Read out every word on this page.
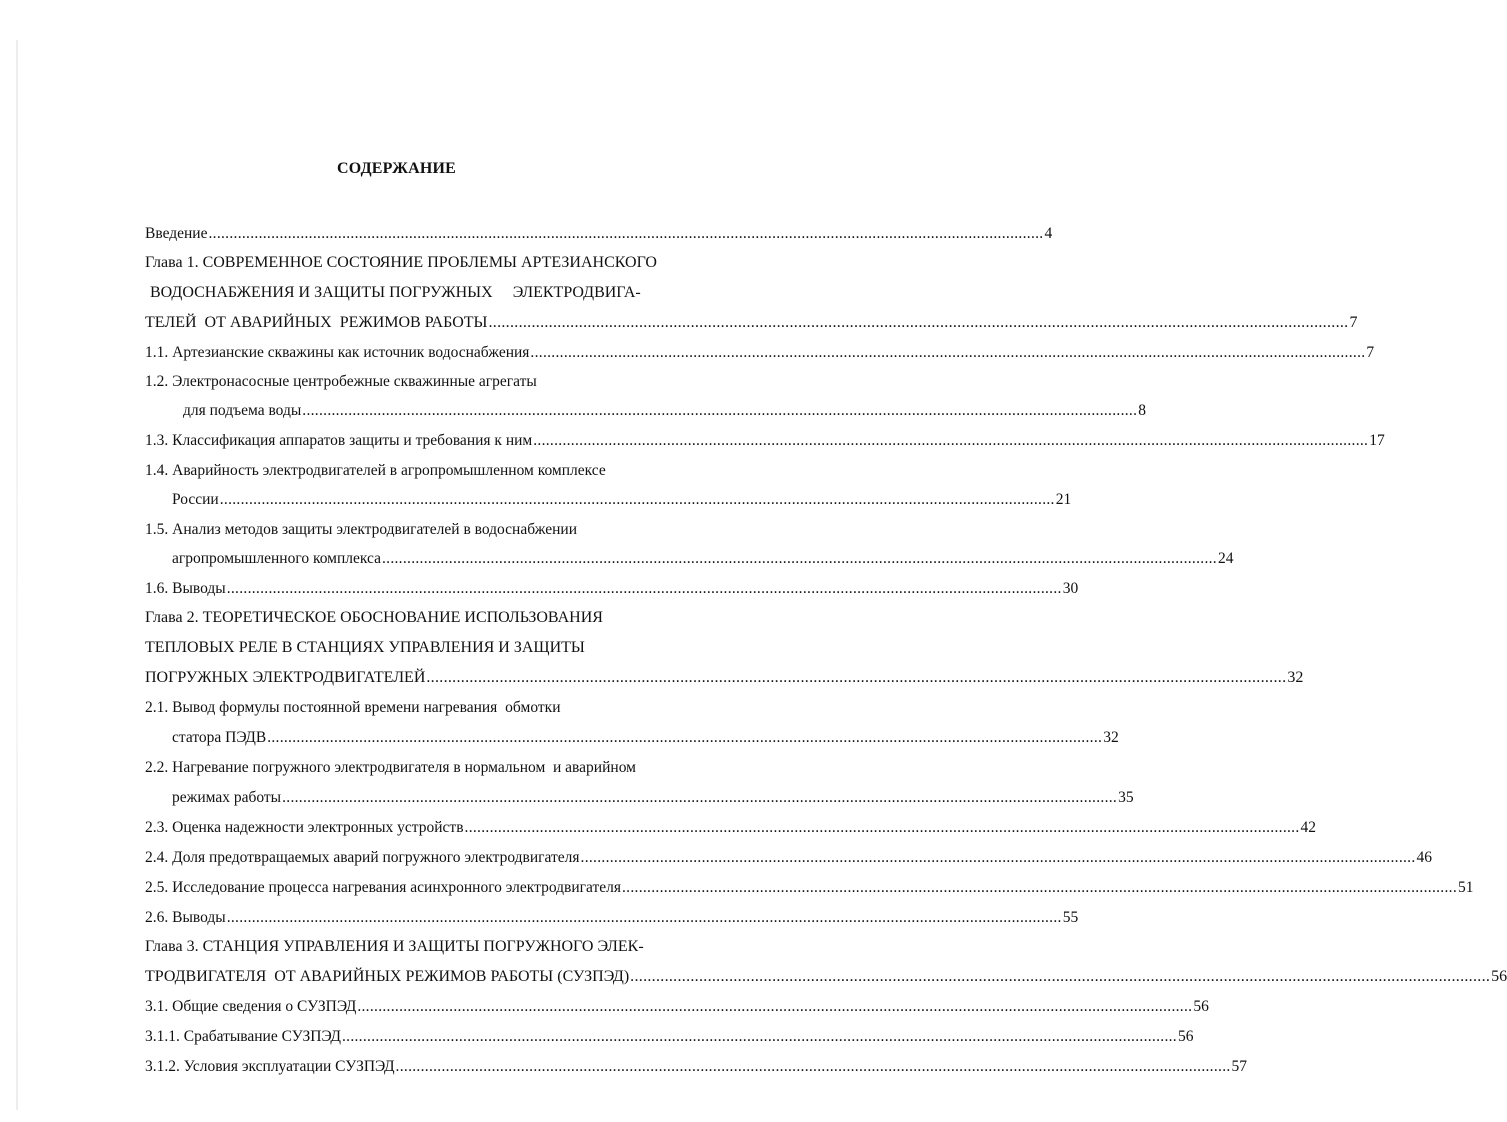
СОДЕРЖАНИЕ
Введение ........................................................................................................................................................................................................ 4
Глава 1. СОВРЕМЕННОЕ СОСТОЯНИЕ ПРОБЛЕМЫ АРТЕЗИАНСКОГО
ВОДОСНАБЖЕНИЯ И ЗАЩИТЫ ПОГРУЖНЫХ     ЭЛЕКТРОДВИГА-
ТЕЛЕЙ  ОТ АВАРИЙНЫХ  РЕЖИМОВ РАБОТЫ ........................................................................................................................................................................................................ 7
1.1. Артезианские скважины как источник водоснабжения ........................................................................................................................................................................................................ 7
1.2. Электронасосные центробежные скважинные агрегаты
для подъема воды ........................................................................................................................................................................................................ 8
1.3. Классификация аппаратов защиты и требования к ним ........................................................................................................................................................................................................ 17
1.4. Аварийность электродвигателей в агропромышленном комплексе
России ........................................................................................................................................................................................................ 21
1.5. Анализ методов защиты электродвигателей в водоснабжении
агропромышленного комплекса ........................................................................................................................................................................................................ 24
1.6. Выводы ........................................................................................................................................................................................................ 30
Глава 2. ТЕОРЕТИЧЕСКОЕ ОБОСНОВАНИЕ ИСПОЛЬЗОВАНИЯ
ТЕПЛОВЫХ РЕЛЕ В СТАНЦИЯХ УПРАВЛЕНИЯ И ЗАЩИТЫ
ПОГРУЖНЫХ ЭЛЕКТРОДВИГАТЕЛЕЙ ........................................................................................................................................................................................................ 32
2.1. Вывод формулы постоянной времени нагревания  обмотки
статора ПЭДВ ........................................................................................................................................................................................................ 32
2.2. Нагревание погружного электродвигателя в нормальном  и аварийном
режимах работы ........................................................................................................................................................................................................ 35
2.3. Оценка надежности электронных устройств ........................................................................................................................................................................................................ 42
2.4. Доля предотвращаемых аварий погружного электродвигателя ........................................................................................................................................................................................................ 46
2.5. Исследование процесса нагревания асинхронного электродвигателя ........................................................................................................................................................................................................ 51
2.6. Выводы ........................................................................................................................................................................................................ 55
Глава 3. СТАНЦИЯ УПРАВЛЕНИЯ И ЗАЩИТЫ ПОГРУЖНОГО ЭЛЕК-
ТРОДВИГАТЕЛЯ  ОТ АВАРИЙНЫХ РЕЖИМОВ РАБОТЫ (СУЗПЭД) ........................................................................................................................................................................................................ 56
3.1. Общие сведения о СУЗПЭД ........................................................................................................................................................................................................ 56
3.1.1. Срабатывание СУЗПЭД ........................................................................................................................................................................................................ 56
3.1.2. Условия эксплуатации СУЗПЭД ........................................................................................................................................................................................................ 57
